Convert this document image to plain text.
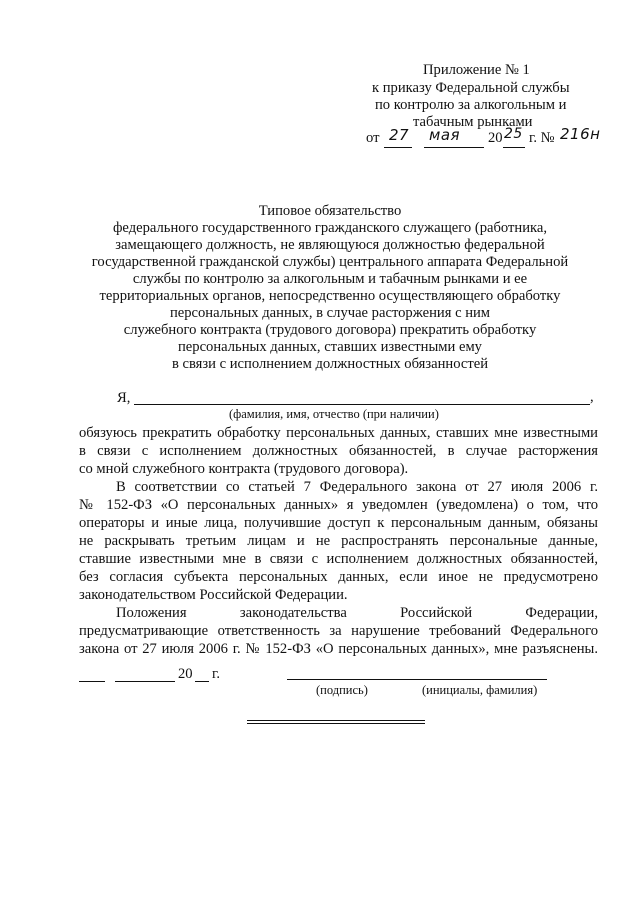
Приложение № 1
к приказу Федеральной службы
по контролю за алкогольным и
табачным рынками
от 27 мая 20 25 г. № 216н
Типовое обязательство
федерального государственного гражданского служащего (работника,
замещающего должность, не являющуюся должностью федеральной
государственной гражданской службы) центрального аппарата Федеральной
службы по контролю за алкогольным и табачным рынками и ее
территориальных органов, непосредственно осуществляющего обработку
персональных данных, в случае расторжения с ним
служебного контракта (трудового договора) прекратить обработку
персональных данных, ставших известными ему
в связи с исполнением должностных обязанностей
Я,	,
(фамилия, имя, отчество (при наличии)
обязуюсь прекратить обработку персональных данных, ставших мне известными
в связи с исполнением должностных обязанностей, в случае расторжения
со мной служебного контракта (трудового договора).
В соответствии со статьей 7 Федерального закона от 27 июля 2006 г.
№ 152-ФЗ «О персональных данных» я уведомлен (уведомлена) о том, что
операторы и иные лица, получившие доступ к персональным данным, обязаны
не раскрывать третьим лицам и не распространять персональные данные,
ставшие известными мне в связи с исполнением должностных обязанностей,
без согласия субъекта персональных данных, если иное не предусмотрено
законодательством Российской Федерации.
Положения законодательства Российской Федерации,
предусматривающие ответственность за нарушение требований Федерального
закона от 27 июля 2006 г. № 152-ФЗ «О персональных данных», мне разъяснены.
20 г.
(подпись)	(инициалы, фамилия)
